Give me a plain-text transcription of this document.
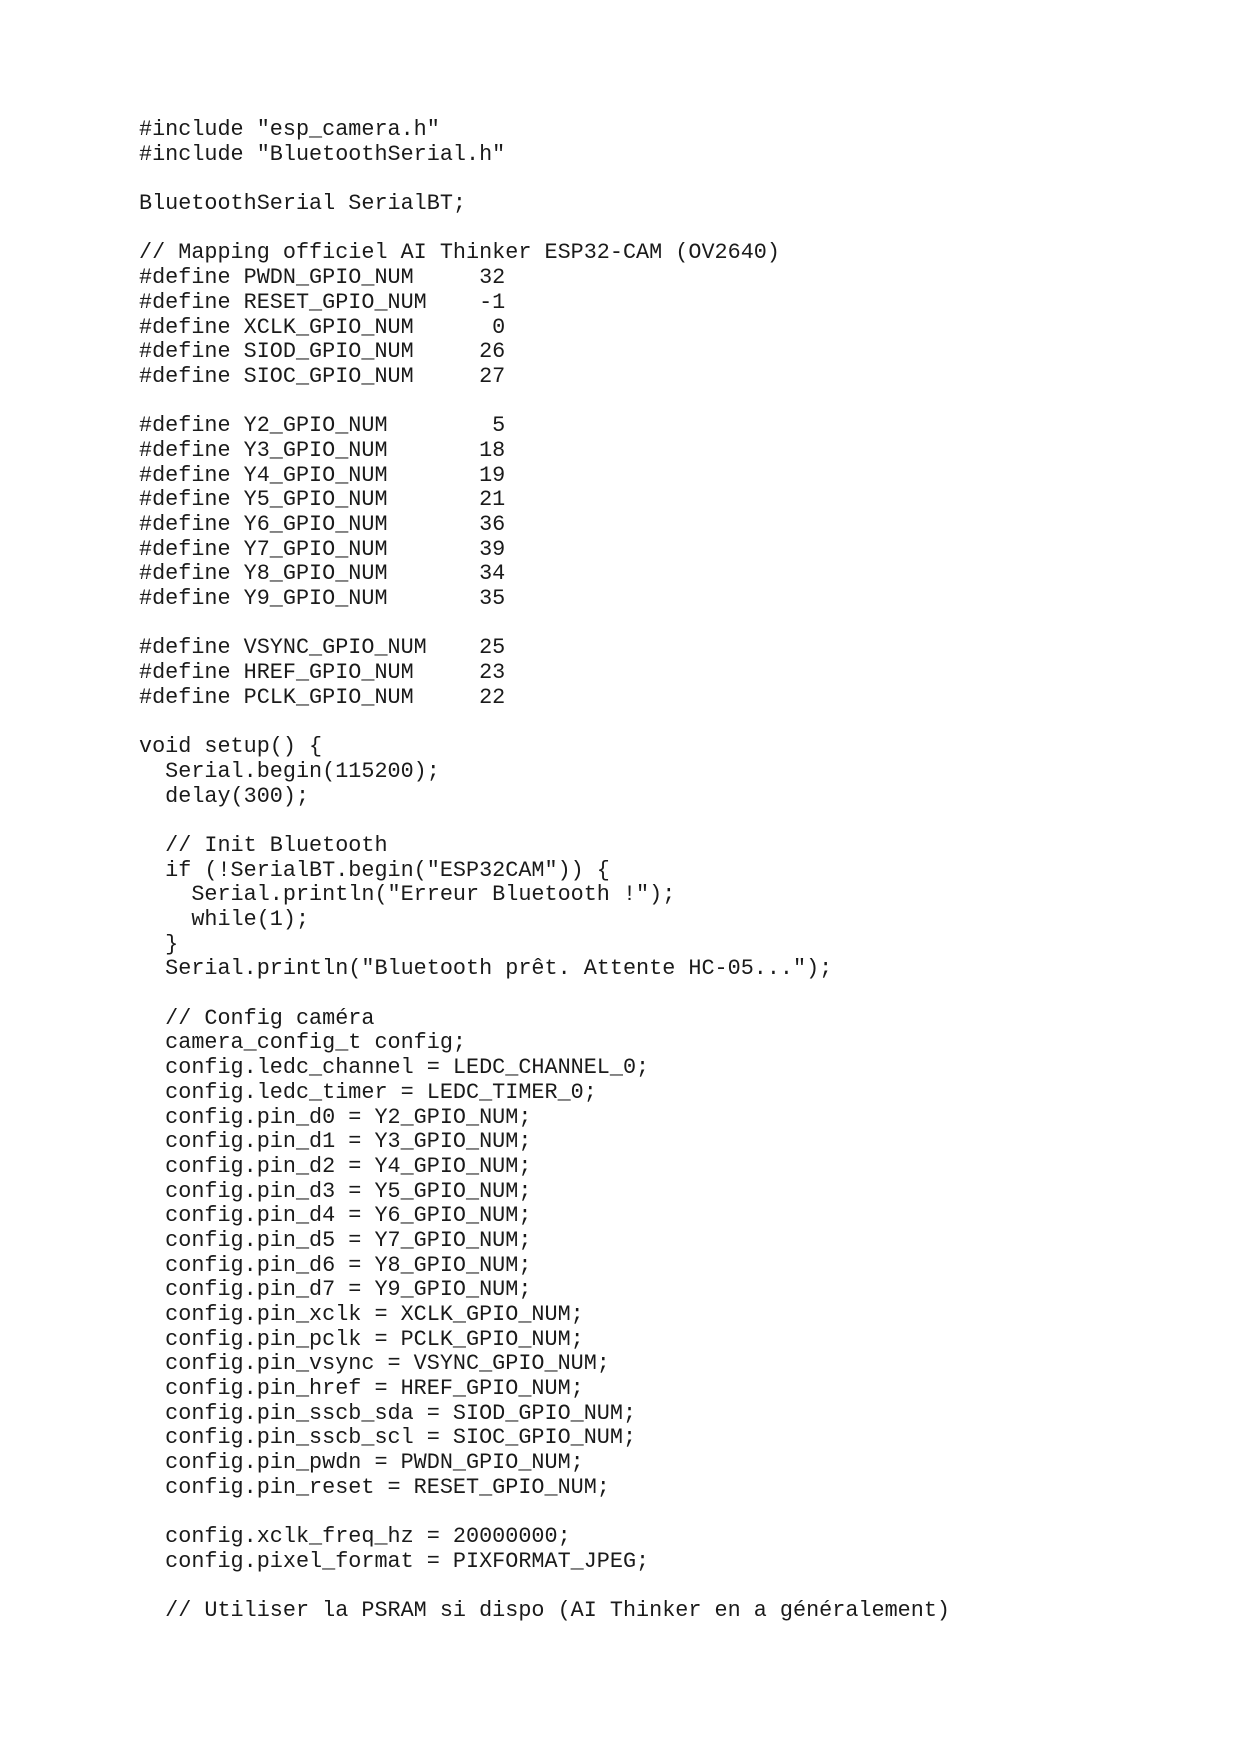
#include "esp_camera.h"
#include "BluetoothSerial.h"
BluetoothSerial SerialBT;
// Mapping officiel AI Thinker ESP32-CAM (OV2640)
#define PWDN_GPIO_NUM     32
#define RESET_GPIO_NUM    -1
#define XCLK_GPIO_NUM      0
#define SIOD_GPIO_NUM     26
#define SIOC_GPIO_NUM     27
#define Y2_GPIO_NUM        5
#define Y3_GPIO_NUM       18
#define Y4_GPIO_NUM       19
#define Y5_GPIO_NUM       21
#define Y6_GPIO_NUM       36
#define Y7_GPIO_NUM       39
#define Y8_GPIO_NUM       34
#define Y9_GPIO_NUM       35
#define VSYNC_GPIO_NUM    25
#define HREF_GPIO_NUM     23
#define PCLK_GPIO_NUM     22
void setup() {
Serial.begin(115200);
delay(300);
// Init Bluetooth
if (!SerialBT.begin("ESP32CAM")) {
Serial.println("Erreur Bluetooth !");
while(1);
}
Serial.println("Bluetooth prêt. Attente HC-05...");
// Config caméra
camera_config_t config;
config.ledc_channel = LEDC_CHANNEL_0;
config.ledc_timer = LEDC_TIMER_0;
config.pin_d0 = Y2_GPIO_NUM;
config.pin_d1 = Y3_GPIO_NUM;
config.pin_d2 = Y4_GPIO_NUM;
config.pin_d3 = Y5_GPIO_NUM;
config.pin_d4 = Y6_GPIO_NUM;
config.pin_d5 = Y7_GPIO_NUM;
config.pin_d6 = Y8_GPIO_NUM;
config.pin_d7 = Y9_GPIO_NUM;
config.pin_xclk = XCLK_GPIO_NUM;
config.pin_pclk = PCLK_GPIO_NUM;
config.pin_vsync = VSYNC_GPIO_NUM;
config.pin_href = HREF_GPIO_NUM;
config.pin_sscb_sda = SIOD_GPIO_NUM;
config.pin_sscb_scl = SIOC_GPIO_NUM;
config.pin_pwdn = PWDN_GPIO_NUM;
config.pin_reset = RESET_GPIO_NUM;
config.xclk_freq_hz = 20000000;
config.pixel_format = PIXFORMAT_JPEG;
// Utiliser la PSRAM si dispo (AI Thinker en a généralement)
